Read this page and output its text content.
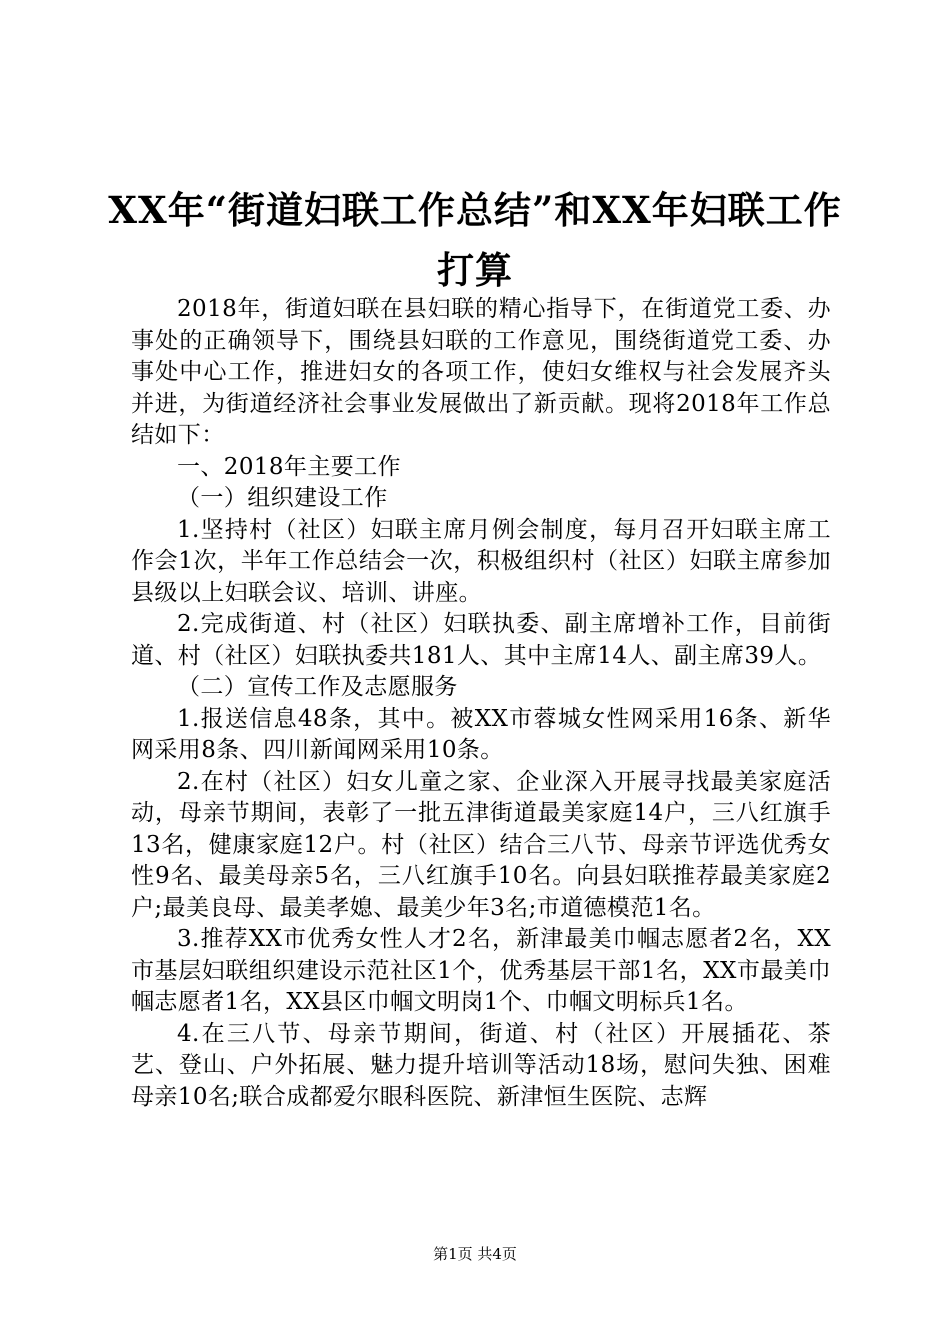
XX年“街道妇联工作总结”和XX年妇联工作打算

2018年，街道妇联在县妇联的精心指导下，在街道党工委、办事处的正确领导下，围绕县妇联的工作意见，围绕街道党工委、办事处中心工作，推进妇女的各项工作，使妇女维权与社会发展齐头并进，为街道经济社会事业发展做出了新贡献。现将2018年工作总结如下：

一、2018年主要工作

（一）组织建设工作

1.坚持村（社区）妇联主席月例会制度，每月召开妇联主席工作会1次，半年工作总结会一次，积极组织村（社区）妇联主席参加县级以上妇联会议、培训、讲座。

2.完成街道、村（社区）妇联执委、副主席增补工作，目前街道、村（社区）妇联执委共181人、其中主席14人、副主席39人。

（二）宣传工作及志愿服务

1.报送信息48条，其中。被XX市蓉城女性网采用16条、新华网采用8条、四川新闻网采用10条。

2.在村（社区）妇女儿童之家、企业深入开展寻找最美家庭活动，母亲节期间，表彰了一批五津街道最美家庭14户，三八红旗手13名，健康家庭12户。村（社区）结合三八节、母亲节评选优秀女性9名、最美母亲5名，三八红旗手10名。向县妇联推荐最美家庭2户;最美良母、最美孝媳、最美少年3名;市道德模范1名。

3.推荐XX市优秀女性人才2名，新津最美巾帼志愿者2名，XX市基层妇联组织建设示范社区1个，优秀基层干部1名，XX市最美巾帼志愿者1名，XX县区巾帼文明岗1个、巾帼文明标兵1名。

4.在三八节、母亲节期间，街道、村（社区）开展插花、茶艺、登山、户外拓展、魅力提升培训等活动18场，慰问失独、困难母亲10名;联合成都爱尔眼科医院、新津恒生医院、志辉

第1页 共4页
